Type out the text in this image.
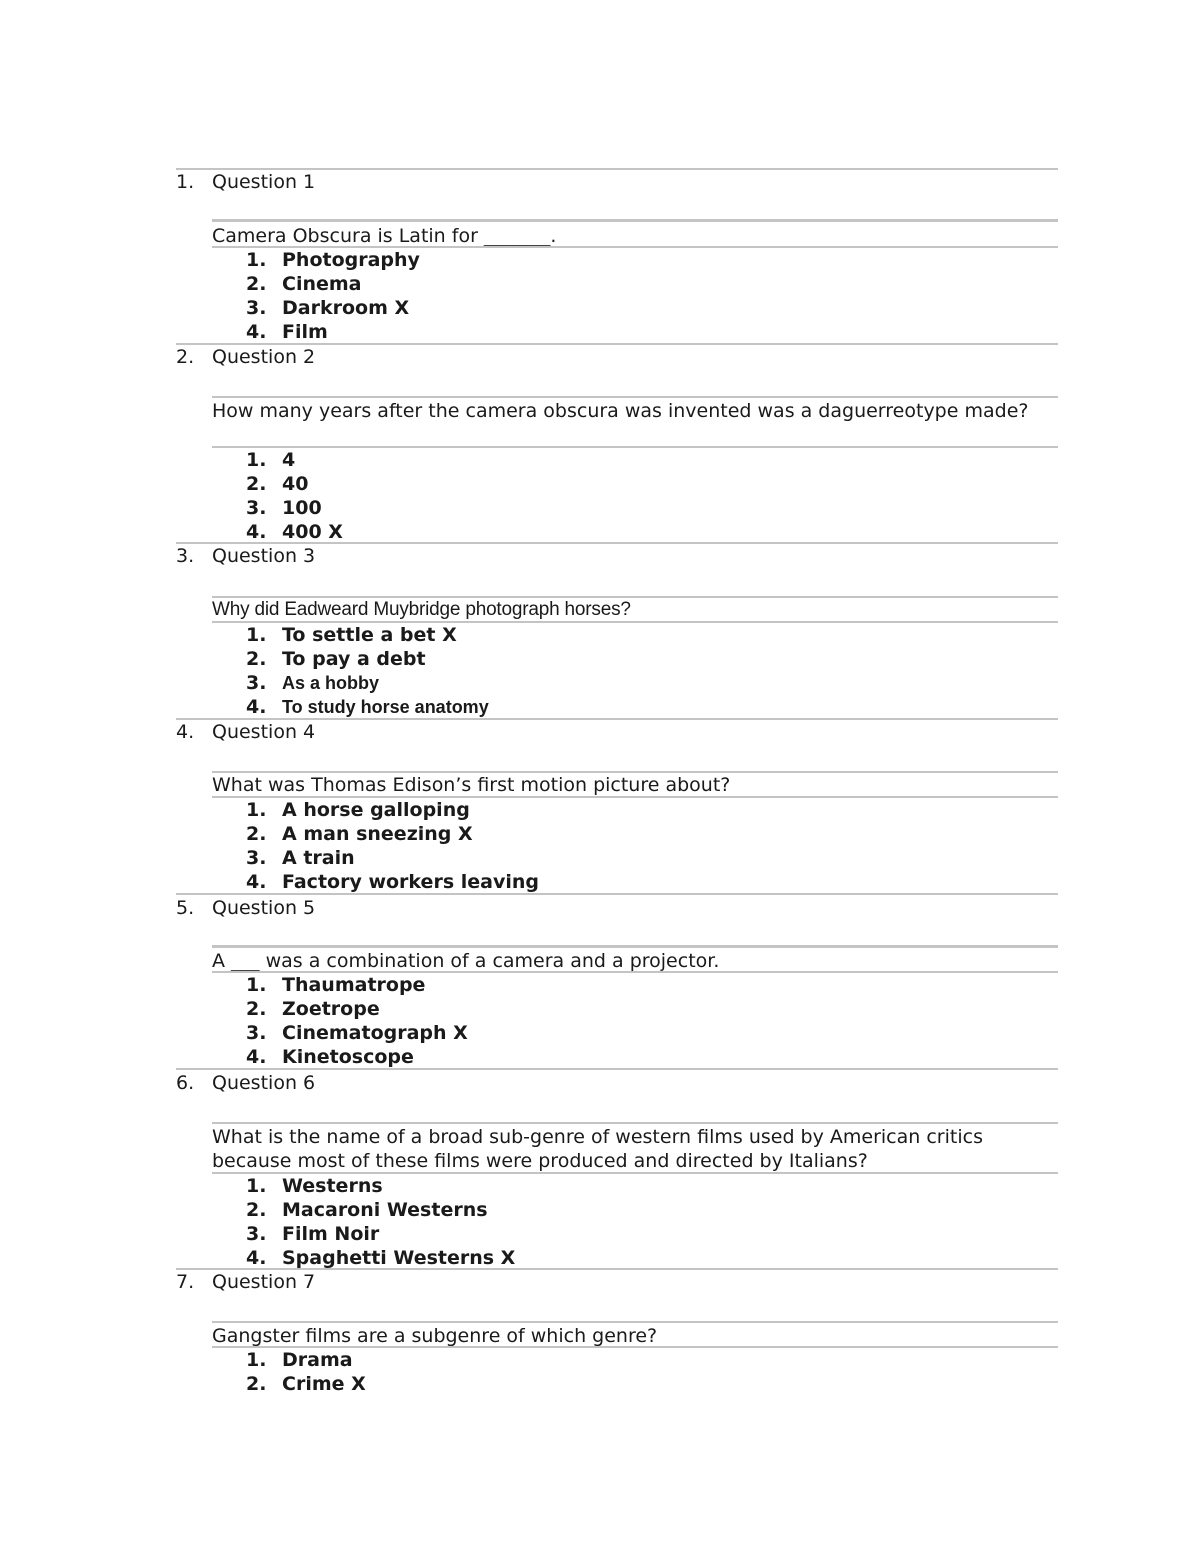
1. Question 1
Camera Obscura is Latin for _______.
1. Photography
2. Cinema
3. Darkroom X
4. Film
2. Question 2
How many years after the camera obscura was invented was a daguerreotype made?
1. 4
2. 40
3. 100
4. 400 X
3. Question 3
Why did Eadweard Muybridge photograph horses?
1. To settle a bet X
2. To pay a debt
3. As a hobby
4. To study horse anatomy
4. Question 4
What was Thomas Edison’s first motion picture about?
1. A horse galloping
2. A man sneezing X
3. A train
4. Factory workers leaving
5. Question 5
A ___ was a combination of a camera and a projector.
1. Thaumatrope
2. Zoetrope
3. Cinematograph X
4. Kinetoscope
6. Question 6
What is the name of a broad sub-genre of western films used by American critics because most of these films were produced and directed by Italians?
1. Westerns
2. Macaroni Westerns
3. Film Noir
4. Spaghetti Westerns X
7. Question 7
Gangster films are a subgenre of which genre?
1. Drama
2. Crime X
